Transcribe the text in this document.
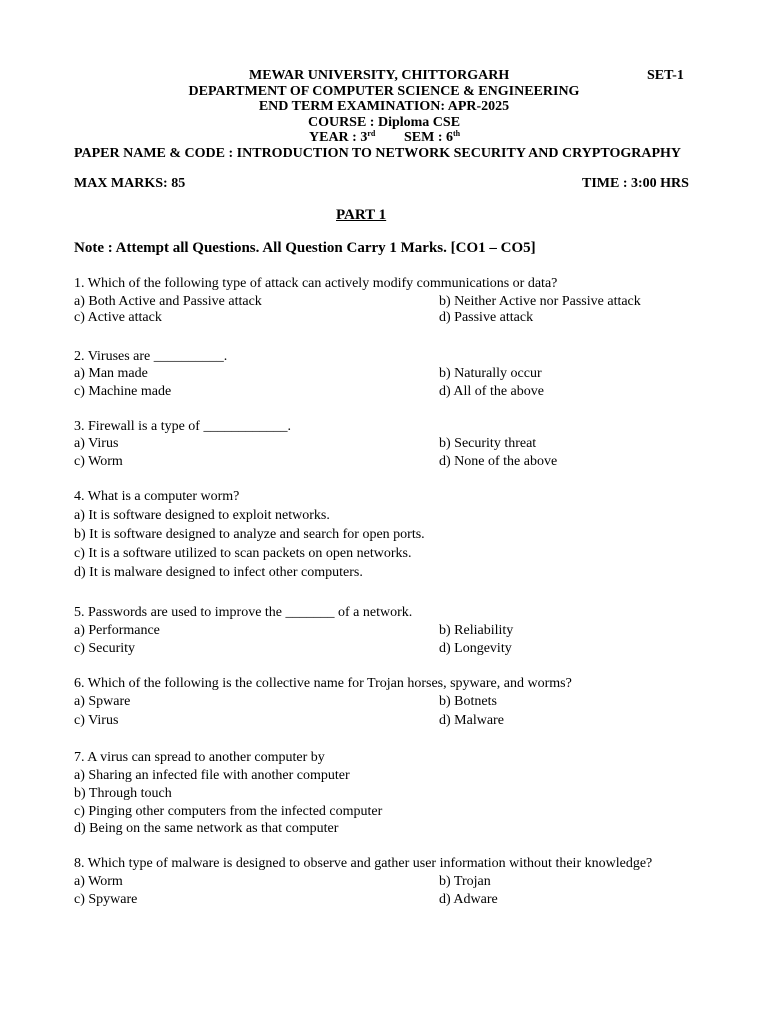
MEWAR UNIVERSITY, CHITTORGARH	SET-1
DEPARTMENT OF COMPUTER SCIENCE & ENGINEERING
END TERM EXAMINATION: APR-2025
COURSE : Diploma CSE
YEAR : 3rd SEM : 6th
PAPER NAME & CODE : INTRODUCTION TO NETWORK SECURITY AND CRYPTOGRAPHY
MAX MARKS: 85	TIME : 3:00 HRS
PART 1
Note : Attempt all Questions. All Question Carry 1 Marks. [CO1 – CO5]
1. Which of the following type of attack can actively modify communications or data?
a) Both Active and Passive attack	b) Neither Active nor Passive attack
c) Active attack	d) Passive attack
2. Viruses are __________.
a) Man made	b) Naturally occur
c) Machine made	d) All of the above
3. Firewall is a type of ____________.
a) Virus	b) Security threat
c) Worm	d) None of the above
4. What is a computer worm?
a) It is software designed to exploit networks.
b) It is software designed to analyze and search for open ports.
c) It is a software utilized to scan packets on open networks.
d) It is malware designed to infect other computers.
5. Passwords are used to improve the _______ of a network.
a) Performance	b) Reliability
c) Security	d) Longevity
6. Which of the following is the collective name for Trojan horses, spyware, and worms?
a) Spware	b) Botnets
c) Virus	d) Malware
7. A virus can spread to another computer by
a) Sharing an infected file with another computer
b) Through touch
c) Pinging other computers from the infected computer
d) Being on the same network as that computer
8. Which type of malware is designed to observe and gather user information without their knowledge?
a) Worm	b) Trojan
c) Spyware	d) Adware
